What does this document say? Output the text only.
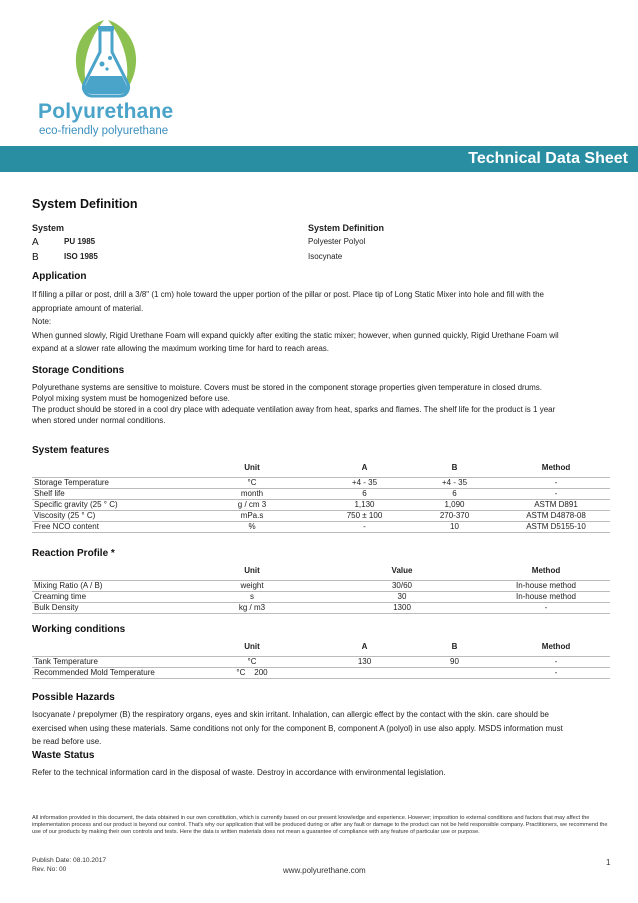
Polyurethane
eco-friendly polyurethane
Technical Data Sheet
System Definition
System	System Definition
A	PU 1985	Polyester Polyol
B	ISO 1985	Isocynate
Application
If filling a pillar or post, drill a 3/8" (1 cm) hole toward the upper portion of the pillar or post. Place tip of Long Static Mixer into hole and fill with the
appropriate amount of material.
Note:
When gunned slowly, Rigid Urethane Foam will expand quickly after exiting the static mixer; however, when gunned quickly, Rigid Urethane Foam wil
expand at a slower rate allowing the maximum working time for hard to reach areas.
Storage Conditions
Polyurethane systems are sensitive to moisture. Covers must be stored in the component storage properties given temperature in closed drums.
Polyol mixing system must be homogenized before use.
The product should be stored in a cool dry place with adequate ventilation away from heat, sparks and flames. The shelf life for the product is 1 year
when stored under normal conditions.
System features
	Unit	A	B	Method
Storage Temperature	°C	+4 - 35	+4 - 35	-
Shelf life	month	6	6	-
Specific gravity (25 ° C)	g / cm 3	1,130	1,090	ASTM D891
Viscosity (25 ° C)	mPa.s	750 ± 100	270-370	ASTM D4878-08
Free NCO content	%	-	10	ASTM D5155-10
Reaction Profile *
	Unit	Value	Method
Mixing Ratio (A / B)	weight	30/60	In-house method
Creaming time	s	30	In-house method
Bulk Density	kg / m3	1300	-
Working conditions
	Unit	A	B	Method
Tank Temperature	°C	130	90	-
Recommended Mold Temperature	°C    200			-
Possible Hazards
Isocyanate / prepolymer (B) the respiratory organs, eyes and skin irritant. Inhalation, can allergic effect by the contact with the skin. care should be
exercised when using these materials. Same conditions not only for the component B, component A (polyol) in use also apply. MSDS information must
be read before use.
Waste Status
Refer to the technical information card in the disposal of waste. Destroy in accordance with environmental legislation.
All information provided in this document, the data obtained in our own constitution, which is currently based on our present knowledge and experience. However; imposition to external conditions and factors that may affect the implementation process and our product is beyond our control. That's why our application that will be produced during or after any fault or damage to the product can not be held responsible company. Practitioners, we recommend the use of our products by making their own controls and tests. Here the data is written materials does not mean a guarantee of compliance with any feature of particular use or purpose.
Publish Date: 08.10.2017
Rev. No: 00	www.polyurethane.com
1
